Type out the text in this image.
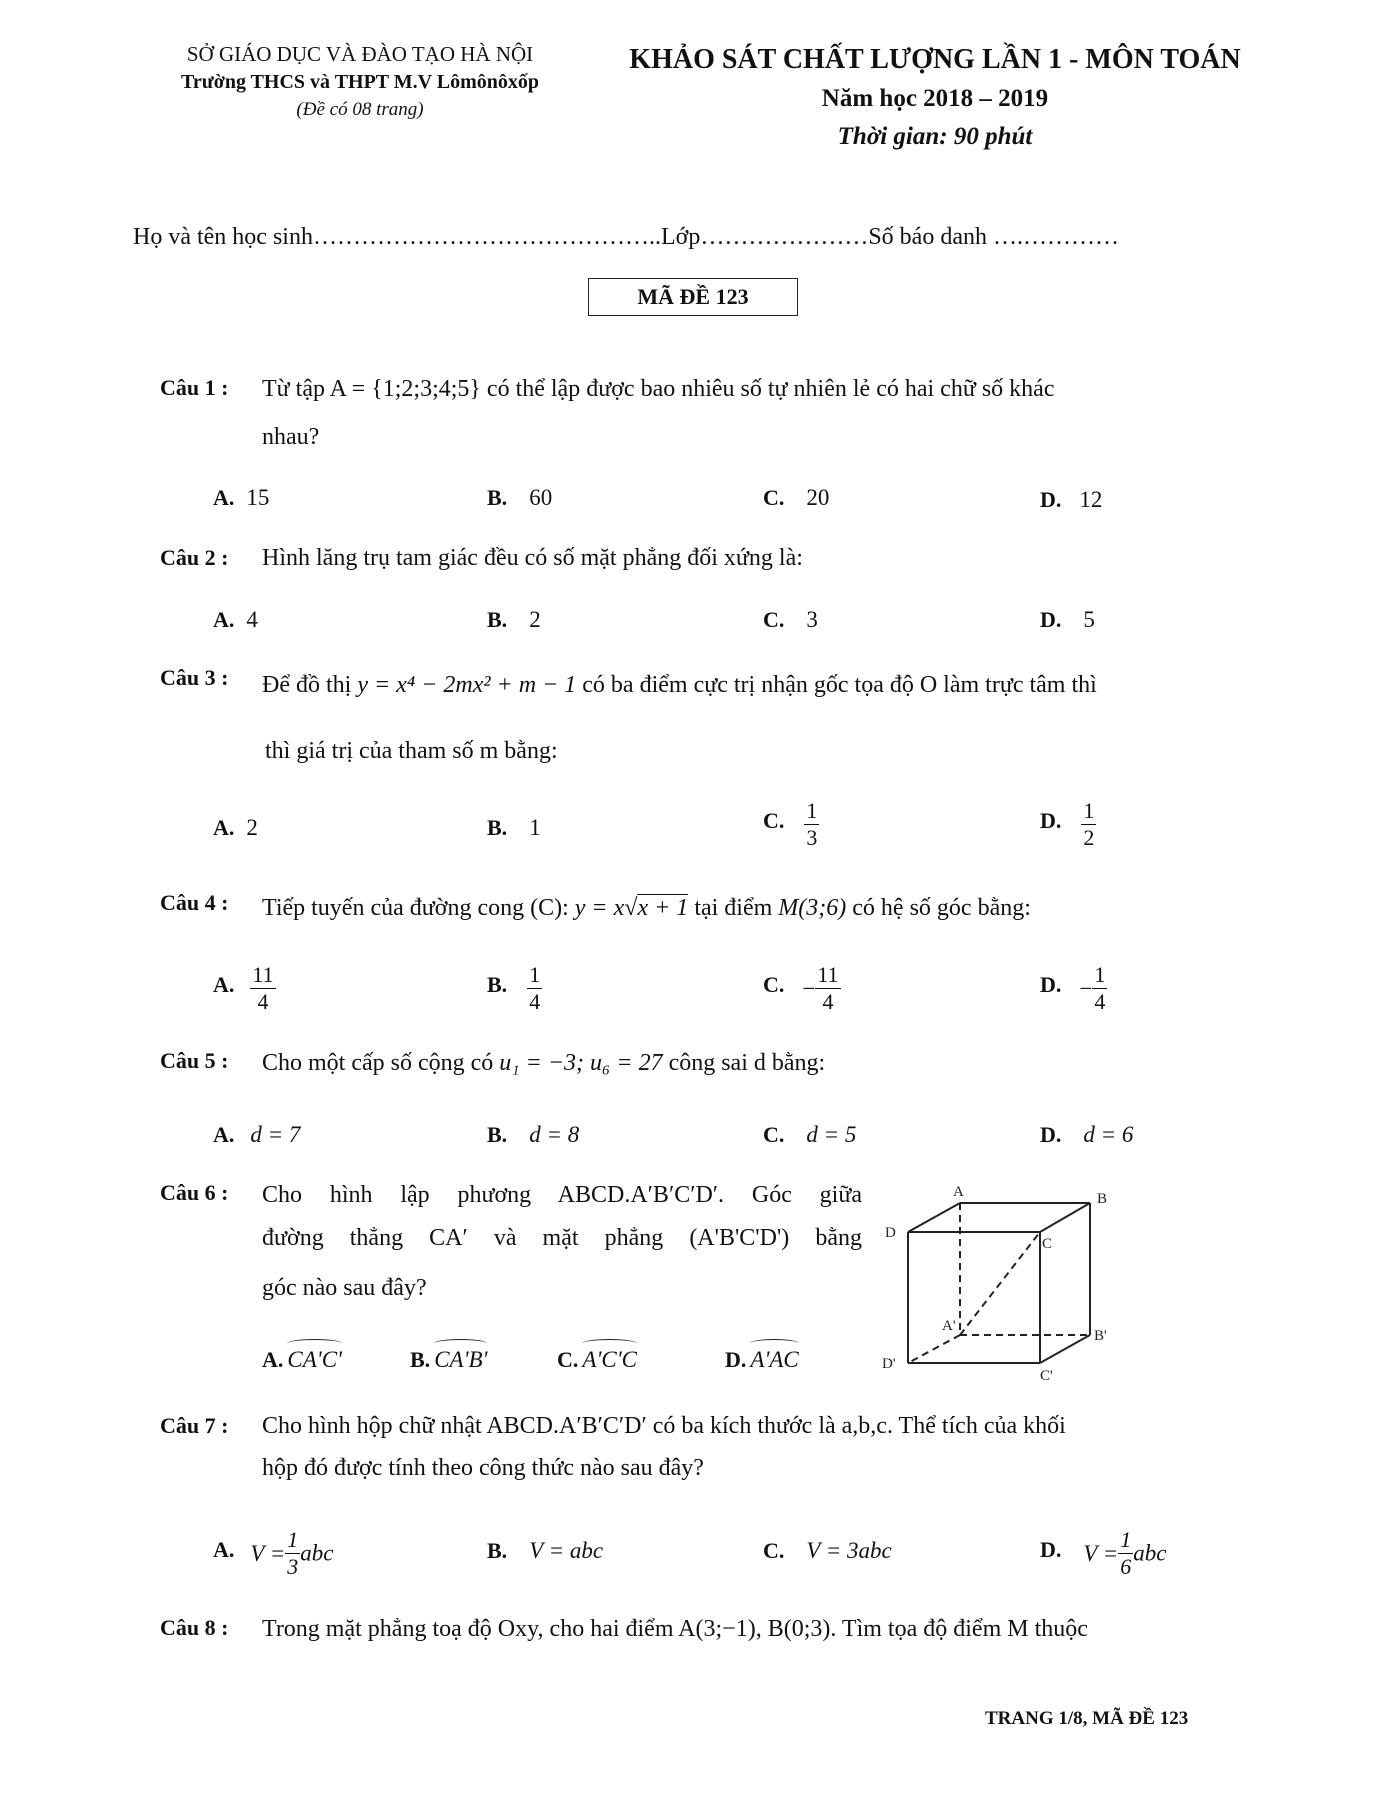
SỞ GIÁO DỤC VÀ ĐÀO TẠO HÀ NỘI
Trường THCS và THPT M.V Lômônôxốp
(Đề có 08 trang)
KHẢO SÁT CHẤT LƯỢNG LẦN 1 - MÔN TOÁN
Năm học 2018 – 2019
Thời gian: 90 phút
Họ và tên học sinh……………………………………..Lớp…………………Số báo danh ….…………
MÃ ĐỀ 123
Câu 1 : Từ tập A = {1;2;3;4;5} có thể lập được bao nhiêu số tự nhiên lẻ có hai chữ số khác
nhau?
A. 15	B. 60	C. 20	D. 12
Câu 2 : Hình lăng trụ tam giác đều có số mặt phẳng đối xứng là:
A. 4	B. 2	C. 3	D. 5
Câu 3 : Để đồ thị y = x⁴ − 2mx² + m − 1 có ba điểm cực trị nhận gốc tọa độ O làm trực tâm thì
thì giá trị của tham số m bằng:
A. 2	B. 1	C. $\frac{1}{3}$	D. $\frac{1}{2}$
Câu 4 : Tiếp tuyến của đường cong (C): y = x√x + 1 tại điểm M(3;6) có hệ số góc bằng:
A. $\frac{11}{4}$	B. $\frac{1}{4}$	C. − $\frac{11}{4}$	D. − $\frac{1}{4}$
Câu 5 : Cho một cấp số cộng có u₁ = −3; u₆ = 27 công sai d bằng:
A. d = 7	B. d = 8	C. d = 5	D. d = 6
Câu 6 : Cho hình lập phương ABCD.A′B′C′D′. Góc giữa
đường thẳng CA′ và mặt phẳng (A'B'C'D') bằng
góc nào sau đây?
A. CA'C'	B. CA'B'	C. A'C'C	D. A'AC
A	B
C
D
A'
B'
C'
D'
Câu 7 : Cho hình hộp chữ nhật ABCD.A′B′C′D′ có ba kích thước là a,b,c. Thể tích của khối
hộp đó được tính theo công thức nào sau đây?
A. $V = \frac{1}{3}$ abc	B. V = abc	C. V = 3abc	D. $V = \frac{1}{6}$ abc
Câu 8 : Trong mặt phẳng toạ độ Oxy, cho hai điểm A(3;−1), B(0;3). Tìm tọa độ điểm M thuộc
TRANG 1/8, MÃ ĐỀ 123
